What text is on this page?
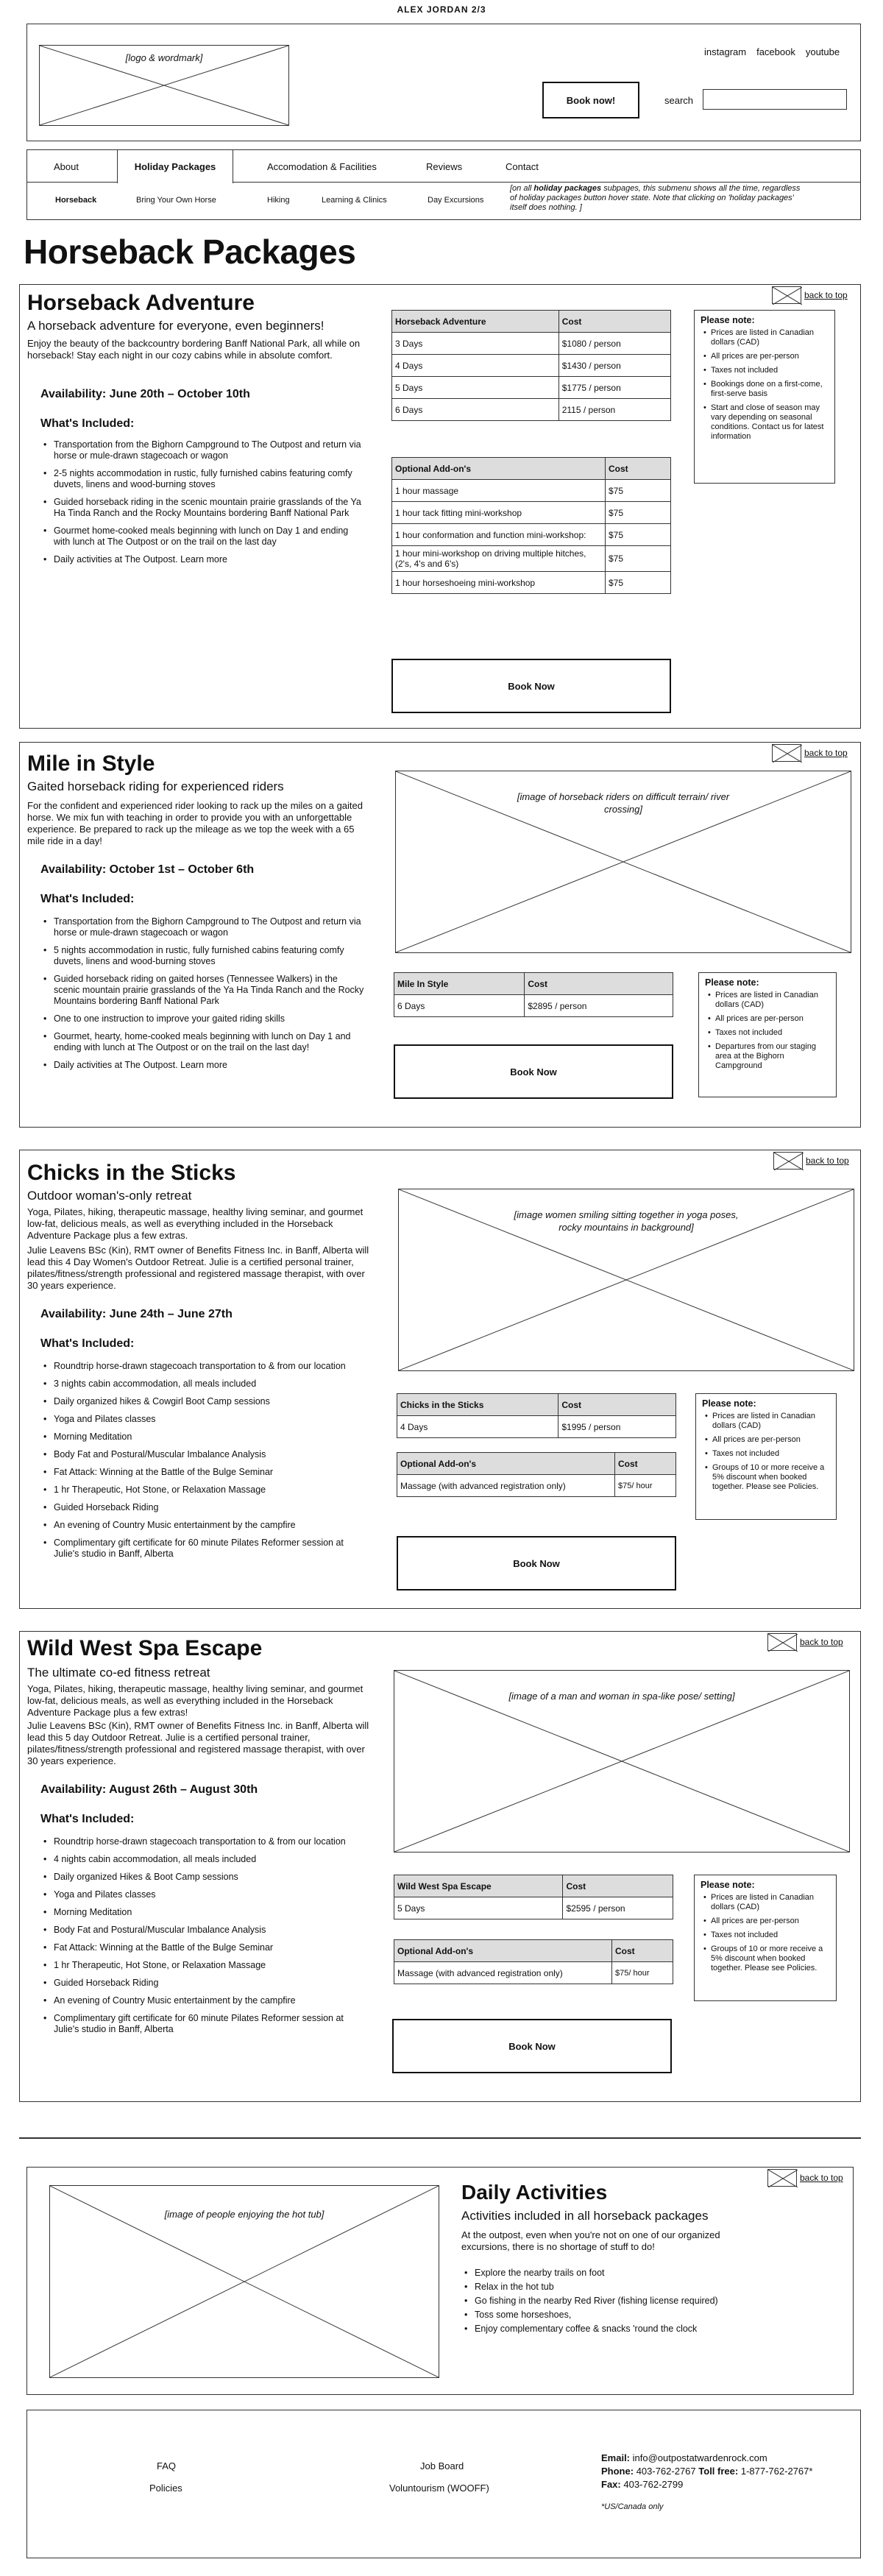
ALEX JORDAN 2/3
[logo & wordmark]
instagram facebook youtube
Book now!	search
About	Holiday Packages	Accomodation & Facilities	Reviews	Contact
Horseback	Bring Your Own Horse	Hiking	Learning & Clinics	Day Excursions
[on all holiday packages subpages, this submenu shows all the time, regardless of holiday packages button hover state. Note that clicking on 'holiday packages' itself does nothing. ]
Horseback Packages
back to top
Horseback Adventure
A horseback adventure for everyone, even beginners!
Enjoy the beauty of the backcountry bordering Banff National Park, all while on horseback! Stay each night in our cozy cabins while in absolute comfort.
Availability: June 20th – October 10th
What's Included:
• Transportation from the Bighorn Campground to The Outpost and return via horse or mule-drawn stagecoach or wagon
• 2-5 nights accommodation in rustic, fully furnished cabins featuring comfy duvets, linens and wood-burning stoves
• Guided horseback riding in the scenic mountain prairie grasslands of the Ya Ha Tinda Ranch and the Rocky Mountains bordering Banff National Park
• Gourmet home-cooked meals beginning with lunch on Day 1 and ending with lunch at The Outpost or on the trail on the last day
• Daily activities at The Outpost. Learn more
Horseback Adventure	Cost
3 Days	$1080 / person
4 Days	$1430 / person
5 Days	$1775 / person
6 Days	2115 / person
Optional Add-on's	Cost
1 hour massage	$75
1 hour tack fitting mini-workshop	$75
1 hour conformation and function mini-workshop:	$75
1 hour mini-workshop on driving multiple hitches, (2's, 4's and 6's)	$75
1 hour horseshoeing mini-workshop	$75
Book Now
Please note:
• Prices are listed in Canadian dollars (CAD)
• All prices are per-person
• Taxes not included
• Bookings done on a first-come, first-serve basis
• Start and close of season may vary depending on seasonal conditions. Contact us for latest information
back to top
Mile in Style
Gaited horseback riding for experienced riders
For the confident and experienced rider looking to rack up the miles on a gaited horse. We mix fun with teaching in order to provide you with an unforgettable experience. Be prepared to rack up the mileage as we top the week with a 65 mile ride in a day!
Availability: October 1st – October 6th
What's Included:
• Transportation from the Bighorn Campground to The Outpost and return via horse or mule-drawn stagecoach or wagon
• 5 nights accommodation in rustic, fully furnished cabins featuring comfy duvets, linens and wood-burning stoves
• Guided horseback riding on gaited horses (Tennessee Walkers) in the scenic mountain prairie grasslands of the Ya Ha Tinda Ranch and the Rocky Mountains bordering Banff National Park
• One to one instruction to improve your gaited riding skills
• Gourmet, hearty, home-cooked meals beginning with lunch on Day 1 and ending with lunch at The Outpost or on the trail on the last day!
• Daily activities at The Outpost. Learn more
[image of horseback riders on difficult terrain/ river crossing]
Mile In Style	Cost
6 Days	$2895 / person
Book Now
Please note:
• Prices are listed in Canadian dollars (CAD)
• All prices are per-person
• Taxes not included
• Departures from our staging area at the Bighorn Campground
back to top
Chicks in the Sticks
Outdoor woman's-only retreat
Yoga, Pilates, hiking, therapeutic massage, healthy living seminar, and gourmet low-fat, delicious meals, as well as everything included in the Horseback Adventure Package plus a few extras.
Julie Leavens BSc (Kin), RMT owner of Benefits Fitness Inc. in Banff, Alberta will lead this 4 Day Women's Outdoor Retreat. Julie is a certified personal trainer, pilates/fitness/strength professional and registered massage therapist, with over 30 years experience.
Availability: June 24th – June 27th
What's Included:
• Roundtrip horse-drawn stagecoach transportation to & from our location
• 3 nights cabin accommodation, all meals included
• Daily organized hikes & Cowgirl Boot Camp sessions
• Yoga and Pilates classes
• Morning Meditation
• Body Fat and Postural/Muscular Imbalance Analysis
• Fat Attack: Winning at the Battle of the Bulge Seminar
• 1 hr Therapeutic, Hot Stone, or Relaxation Massage
• Guided Horseback Riding
• An evening of Country Music entertainment by the campfire
• Complimentary gift certificate for 60 minute Pilates Reformer session at Julie's studio in Banff, Alberta
[image women smiling sitting together in yoga poses, rocky mountains in background]
Chicks in the Sticks	Cost
4 Days	$1995 / person
Optional Add-on's	Cost
Massage (with advanced registration only)	$75/ hour
Book Now
Please note:
• Prices are listed in Canadian dollars (CAD)
• All prices are per-person
• Taxes not included
• Groups of 10 or more receive a 5% discount when booked together. Please see Policies.
back to top
Wild West Spa Escape
The ultimate co-ed fitness retreat
Yoga, Pilates, hiking, therapeutic massage, healthy living seminar, and gourmet low-fat, delicious meals, as well as everything included in the Horseback Adventure Package plus a few extras!
Julie Leavens BSc (Kin), RMT owner of Benefits Fitness Inc. in Banff, Alberta will lead this 5 day Outdoor Retreat. Julie is a certified personal trainer, pilates/fitness/strength professional and registered massage therapist, with over 30 years experience.
Availability: August 26th – August 30th
What's Included:
• Roundtrip horse-drawn stagecoach transportation to & from our location
• 4 nights cabin accommodation, all meals included
• Daily organized Hikes & Boot Camp sessions
• Yoga and Pilates classes
• Morning Meditation
• Body Fat and Postural/Muscular Imbalance Analysis
• Fat Attack: Winning at the Battle of the Bulge Seminar
• 1 hr Therapeutic, Hot Stone, or Relaxation Massage
• Guided Horseback Riding
• An evening of Country Music entertainment by the campfire
• Complimentary gift certificate for 60 minute Pilates Reformer session at Julie's studio in Banff, Alberta
[image of a man and woman in spa-like pose/ setting]
Wild West Spa Escape	Cost
5 Days	$2595 / person
Optional Add-on's	Cost
Massage (with advanced registration only)	$75/ hour
Book Now
Please note:
• Prices are listed in Canadian dollars (CAD)
• All prices are per-person
• Taxes not included
• Groups of 10 or more receive a 5% discount when booked together. Please see Policies.
back to top
[image of people enjoying the hot tub]
Daily Activities
Activities included in all horseback packages
At the outpost, even when you're not on one of our organized excursions, there is no shortage of stuff to do!
• Explore the nearby trails on foot
• Relax in the hot tub
• Go fishing in the nearby Red River (fishing license required)
• Toss some horseshoes,
• Enjoy complementary coffee & snacks 'round the clock
FAQ
Policies
Job Board
Voluntourism (WOOFF)
Email: info@outpostatwardenrock.com
Phone: 403-762-2767 Toll free: 1-877-762-2767*
Fax: 403-762-2799
*US/Canada only
